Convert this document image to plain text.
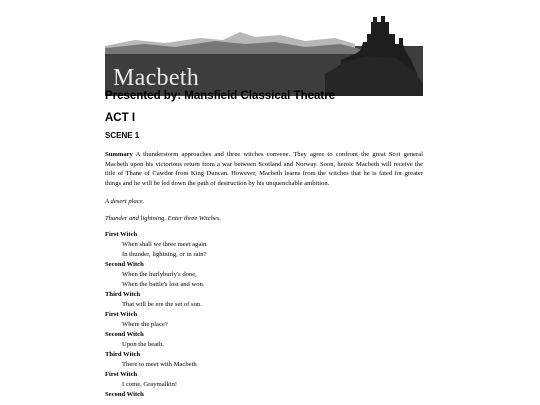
Macbeth
Presented by: Mansfield Classical Theatre
ACT I
SCENE 1

Summary A thunderstorm approaches and three witches convene. They agree to confront the great Scot general Macbeth upon his victorious return from a war between Scotland and Norway. Soon, heroic Macbeth will receive the title of Thane of Cawdor from King Duncan. However, Macbeth learns from the witches that he is fated for greater things and he will be led down the path of destruction by his unquenchable ambition.

A desert place.

Thunder and lightning. Enter three Witches.

First Witch

When shall we three meet again

In thunder, lightning, or in rain?

Second Witch

When the hurlyburly's done,

When the battle's lost and won.

Third Witch

That will be ere the set of sun.

First Witch

Where the place?

Second Witch

Upon the heath.

Third Witch

There to meet with Macbeth

First Witch

I come, Graymalkin!

Second Witch
